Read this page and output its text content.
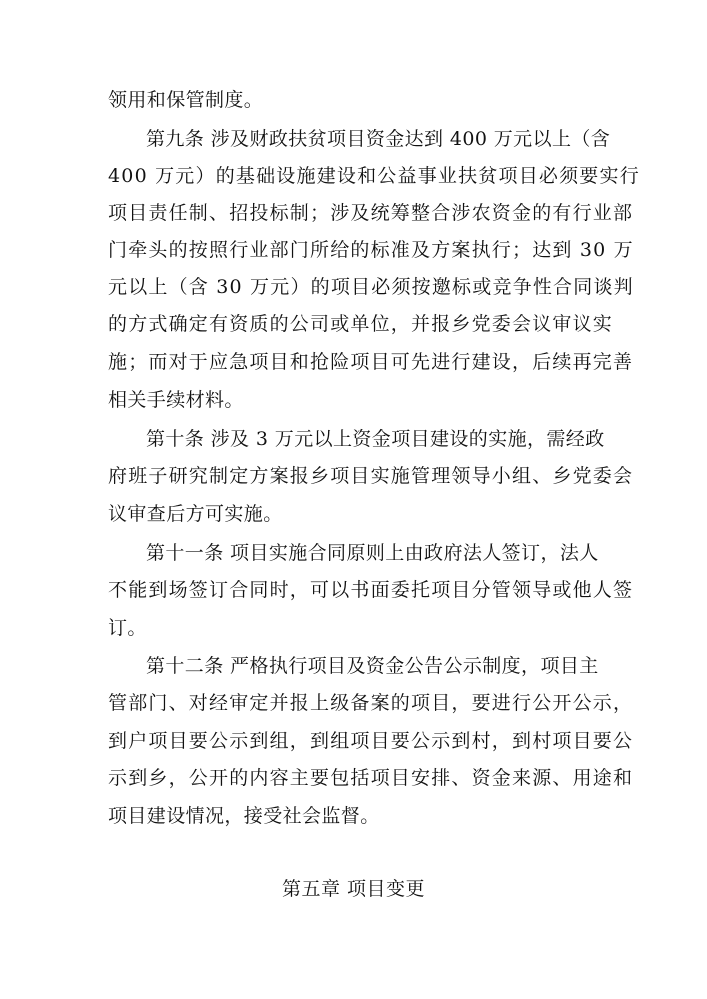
领用和保管制度。
第九条 涉及财政扶贫项目资金达到 400 万元以上（含
400 万元）的基础设施建设和公益事业扶贫项目必须要实行
项目责任制、招投标制；涉及统筹整合涉农资金的有行业部
门牵头的按照行业部门所给的标准及方案执行；达到 30 万
元以上（含 30 万元）的项目必须按邀标或竞争性合同谈判
的方式确定有资质的公司或单位，并报乡党委会议审议实
施；而对于应急项目和抢险项目可先进行建设，后续再完善
相关手续材料。
第十条 涉及 3 万元以上资金项目建设的实施，需经政
府班子研究制定方案报乡项目实施管理领导小组、乡党委会
议审查后方可实施。
第十一条 项目实施合同原则上由政府法人签订，法人
不能到场签订合同时，可以书面委托项目分管领导或他人签
订。
第十二条 严格执行项目及资金公告公示制度，项目主
管部门、对经审定并报上级备案的项目，要进行公开公示，
到户项目要公示到组，到组项目要公示到村，到村项目要公
示到乡，公开的内容主要包括项目安排、资金来源、用途和
项目建设情况，接受社会监督。
第五章 项目变更
